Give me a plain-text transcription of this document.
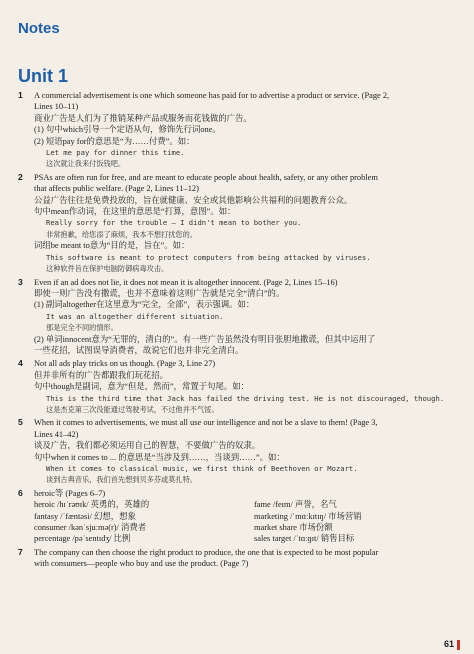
Notes
Unit 1
1 A commercial advertisement is one which someone has paid for to advertise a product or service. (Page 2,
Lines 10–11)
商业广告是人们为了推销某种产品或服务而花钱做的广告。
(1) 句中which引导一个定语从句，修饰先行词one。
(2) 短语pay for的意思是“为……付费”。如：
Let me pay for dinner this time.
这次就让我来付饭钱吧。
2 PSAs are often run for free, and are meant to educate people about health, safety, or any other problem
that affects public welfare. (Page 2, Lines 11–12)
公益广告往往是免费投放的，旨在就健康、安全或其他影响公共福利的问题教育公众。
句中mean作动词，在这里的意思是“打算，意图”。如：
Really sorry for the trouble — I didn't mean to bother you.
非常抱歉，给您添了麻烦，我本不想打扰您的。
词组be meant to意为“目的是，旨在”。如：
This software is meant to protect computers from being attacked by viruses.
这种软件旨在保护电脑防御病毒攻击。
3 Even if an ad does not lie, it does not mean it is altogether innocent. (Page 2, Lines 15–16)
即使一则广告没有撒谎，也并不意味着这则广告就是完全“清白”的。
(1) 副词altogether在这里意为“完全，全部”，表示强调。如：
It was an altogether different situation.
那是完全不同的情形。
(2) 单词innocent意为“无罪的，清白的”。有一些广告虽然没有明目张胆地撒谎，但其中运用了
一些花招，试图误导消费者，故说它们也并非完全清白。
4 Not all ads play tricks on us though. (Page 3, Line 27)
但并非所有的广告都跟我们玩花招。
句中though是副词，意为“但是，然而”，常置于句尾。如：
This is the third time that Jack has failed the driving test. He is not discouraged, though.
这是杰克第三次没能通过驾驶考试，不过他并不气馁。
5 When it comes to advertisements, we must all use our intelligence and not be a slave to them! (Page 3,
Lines 41–42)
谈及广告，我们都必须运用自己的智慧，不要做广告的奴隶。
句中when it comes to ... 的意思是“当涉及到……，当谈到……”。如：
When it comes to classical music, we first think of Beethoven or Mozart.
谈到古典音乐，我们首先想到贝多芬或莫扎特。
6 heroic等 (Pages 6–7)
heroic /hɪˈrəʊɪk/ 英勇的，英雄的	fame /feɪm/ 声誉，名气
fantasy /ˈfæntəsi/ 幻想，想象	marketing /ˈmɑːkɪtɪŋ/ 市场营销
consumer /kənˈsjuːmə(r)/ 消费者	market share 市场份额
percentage /pəˈsentɪdʒ/ 比例	sales target /ˈtɑːɡɪt/ 销售目标
7 The company can then choose the right product to produce, the one that is expected to be most popular
with consumers—people who buy and use the product. (Page 7)
61
